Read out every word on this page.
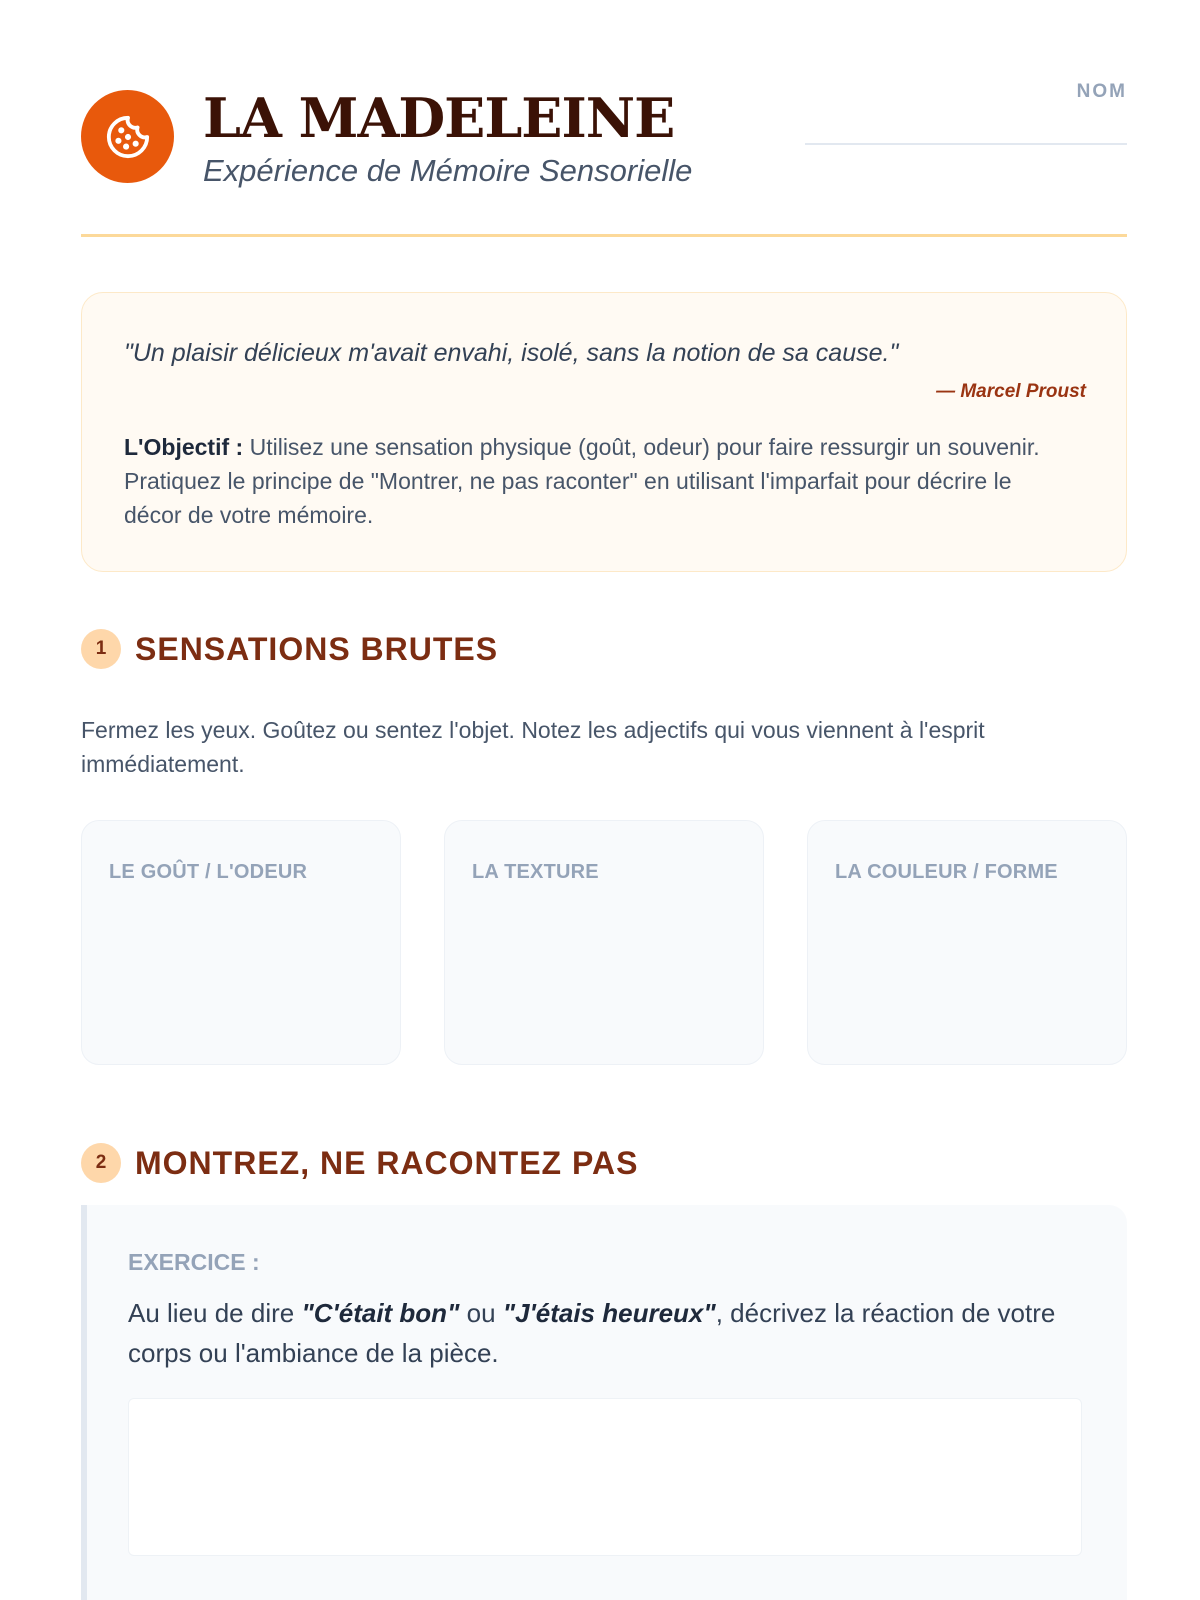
LA MADELEINE
Expérience de Mémoire Sensorielle
NOM
"Un plaisir délicieux m'avait envahi, isolé, sans la notion de sa cause."
— Marcel Proust
L'Objectif : Utilisez une sensation physique (goût, odeur) pour faire ressurgir un souvenir. Pratiquez le principe de "Montrer, ne pas raconter" en utilisant l'imparfait pour décrire le décor de votre mémoire.
1 SENSATIONS BRUTES
Fermez les yeux. Goûtez ou sentez l'objet. Notez les adjectifs qui vous viennent à l'esprit immédiatement.
LE GOÛT / L'ODEUR	LA TEXTURE	LA COULEUR / FORME
2 MONTREZ, NE RACONTEZ PAS
EXERCICE :
Au lieu de dire "C'était bon" ou "J'étais heureux", décrivez la réaction de votre corps ou l'ambiance de la pièce.
